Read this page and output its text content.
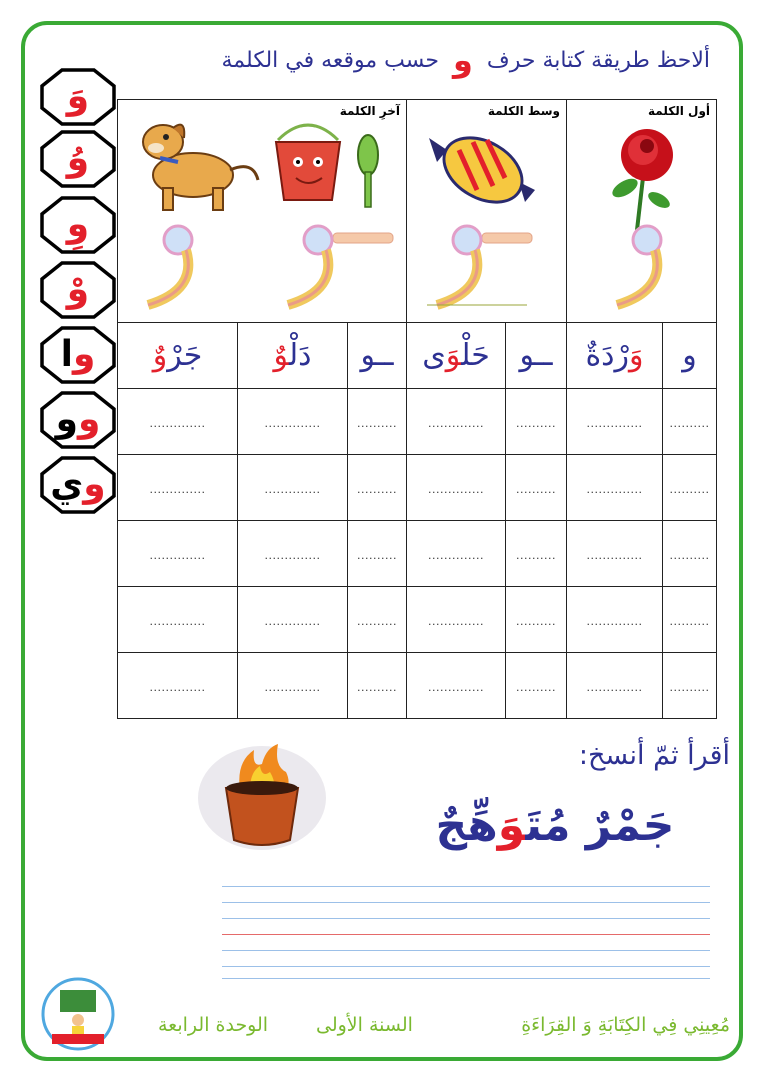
ألاحظ طريقة كتابة حرف
و
حسب موقعه في الكلمة
وَ
وُ
وِ
وْ
وا
وو
وي
آخرِ الكلمة			وسط الكلمة		أول الكلمة	

جَرْوٌ	دَلْوٌ	ــو	حَلْوَى	ــو	وَرْدَةٌ	و
..............	..............	..........	..............	..........	..............	..........
..............	..............	..........	..............	..........	..............	..........
..............	..............	..........	..............	..........	..............	..........
..............	..............	..........	..............	..........	..............	..........
..............	..............	..........	..............	..........	..............	..........
أقرأ ثمّ أنسخ:
جَمْرٌ مُتَوَهِّجٌ
الوحدة الرابعة	السنة الأولى	مُعِينِي فِي الكِتَابَةِ وَ القِرَاءَةِ
